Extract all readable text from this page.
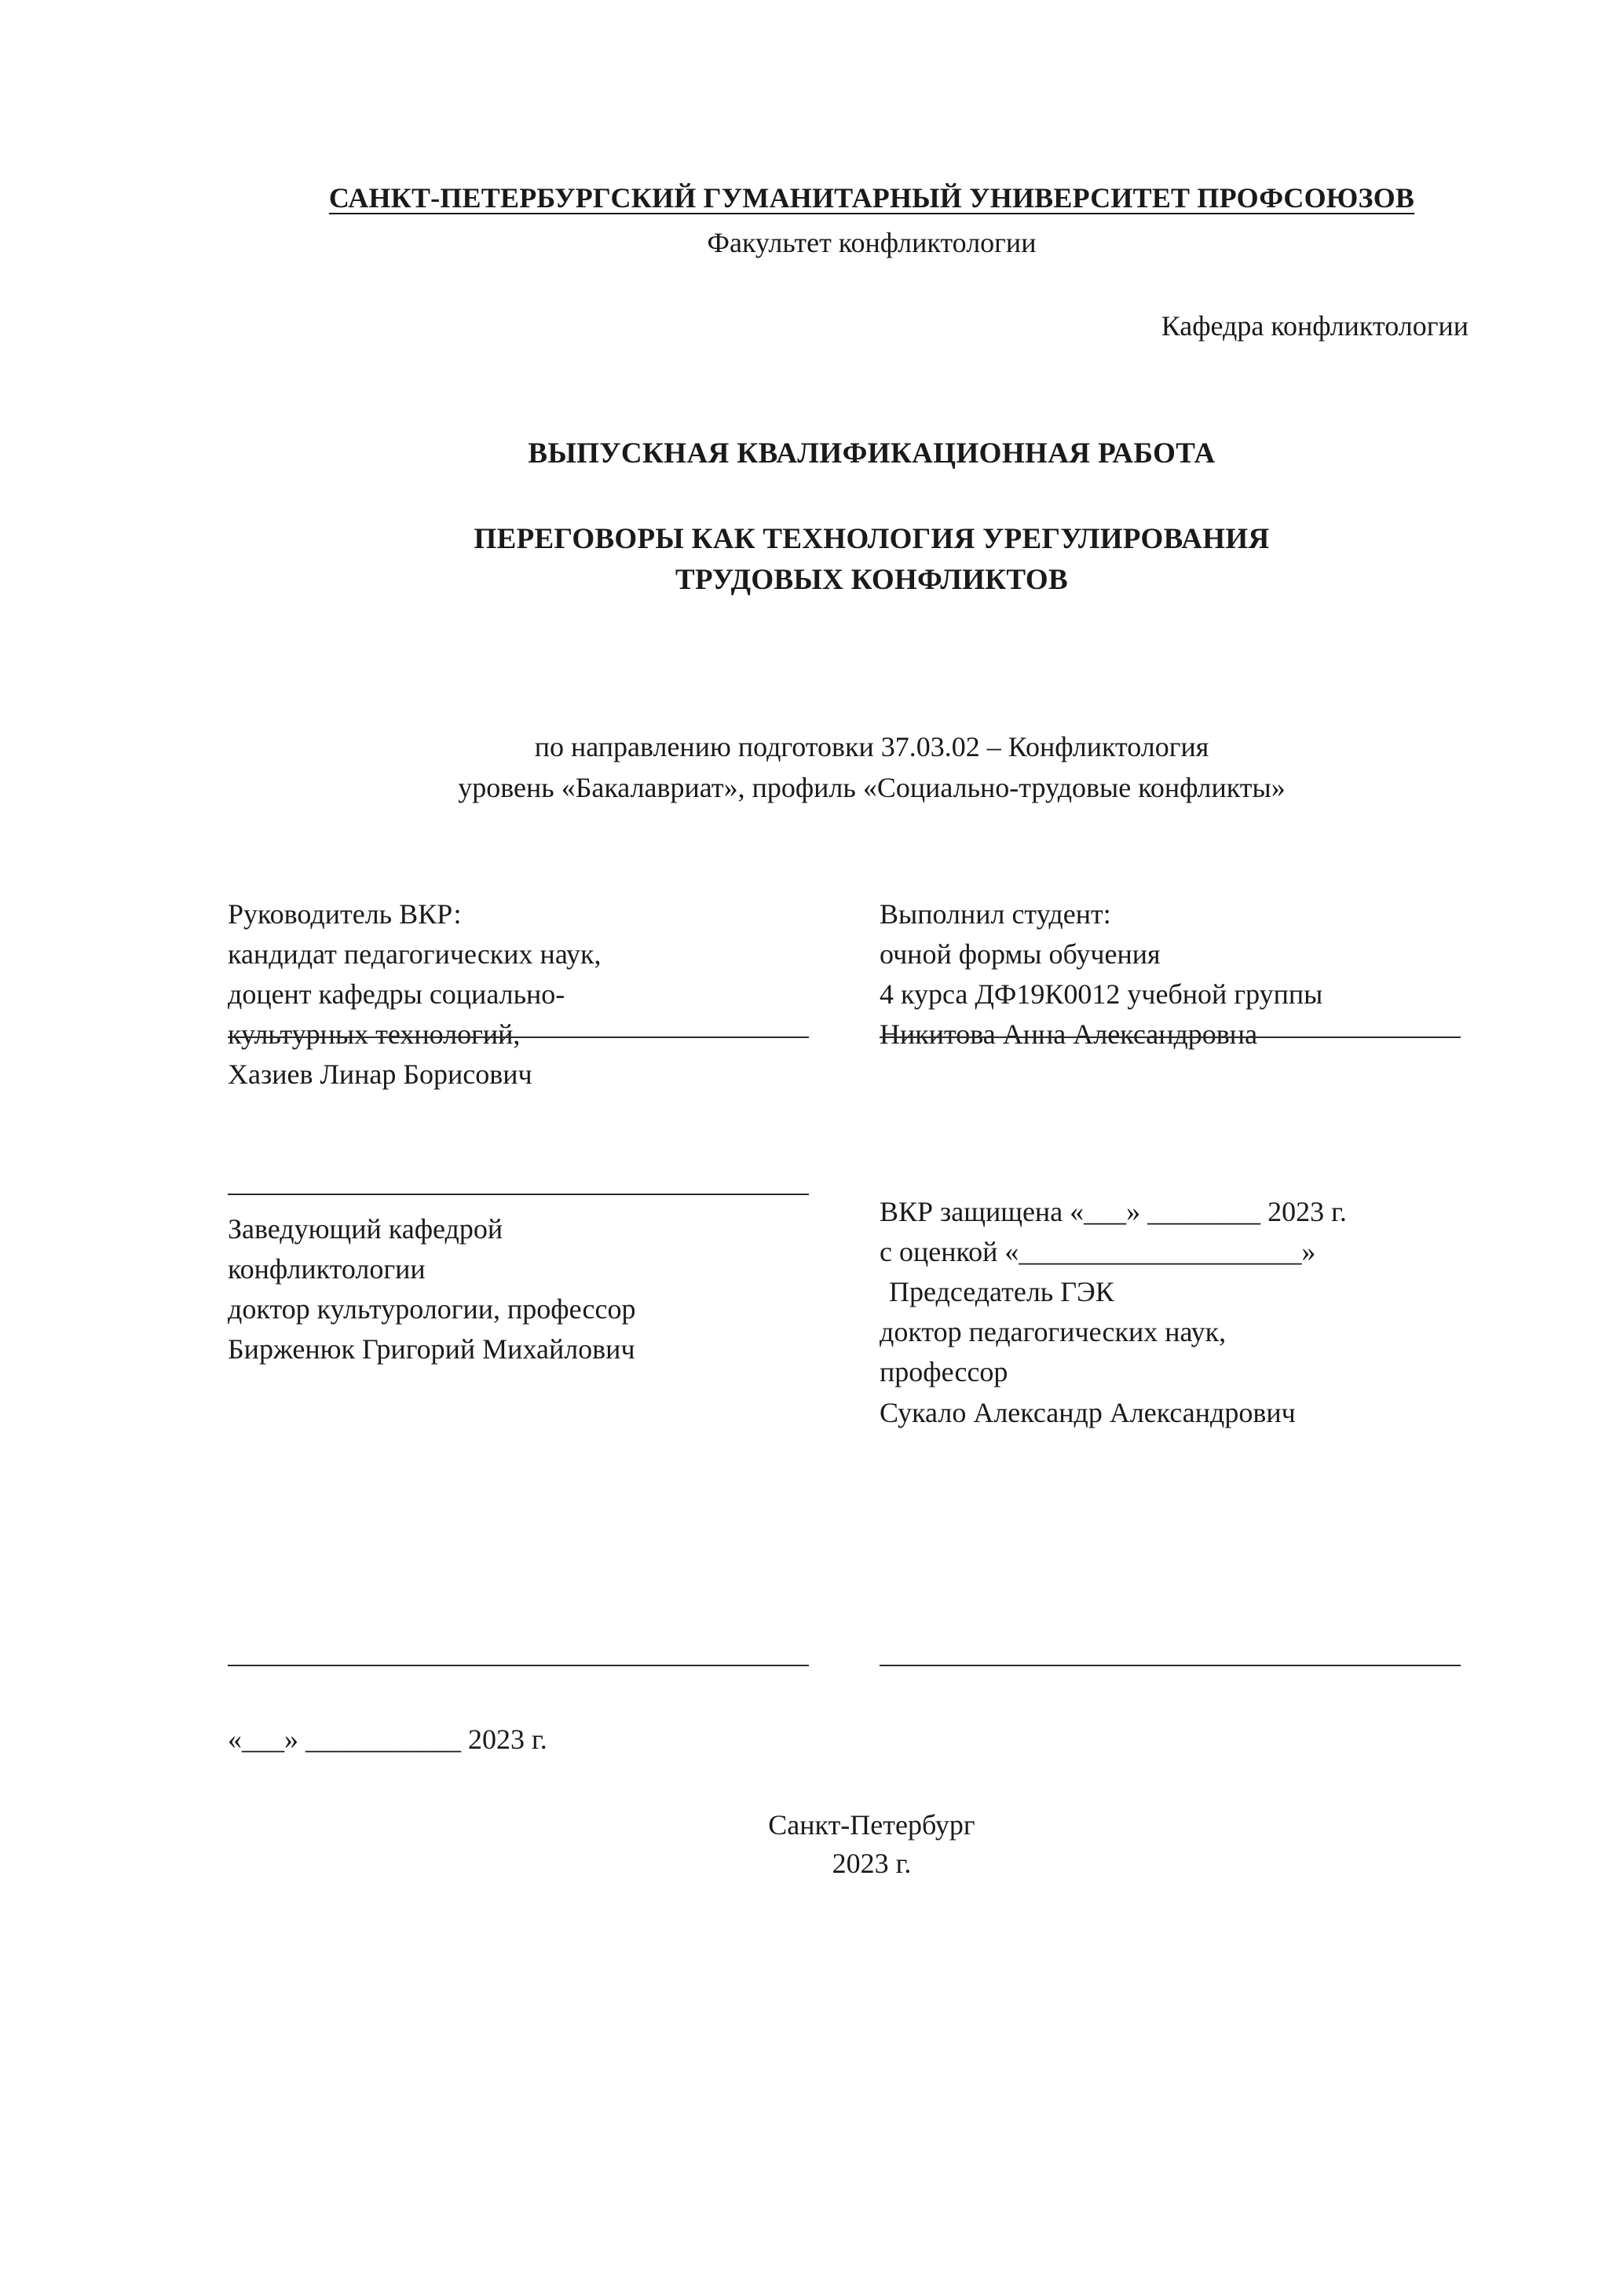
САНКТ-ПЕТЕРБУРГСКИЙ ГУМАНИТАРНЫЙ УНИВЕРСИТЕТ ПРОФСОЮЗОВ
Факультет конфликтологии
Кафедра конфликтологии
ВЫПУСКНАЯ КВАЛИФИКАЦИОННАЯ РАБОТА
ПЕРЕГОВОРЫ КАК ТЕХНОЛОГИЯ УРЕГУЛИРОВАНИЯ
ТРУДОВЫХ КОНФЛИКТОВ
по направлению подготовки 37.03.02 – Конфликтология
уровень «Бакалавриат», профиль «Социально-трудовые конфликты»
Руководитель ВКР:
кандидат педагогических наук,
доцент кафедры социально-
культурных технологий,
Хазиев Линар Борисович
Выполнил студент:
очной формы обучения
4 курса ДФ19К0012 учебной группы
Никитова Анна Александровна
Заведующий кафедрой
конфликтологии
доктор культурологии, профессор
Бирженюк Григорий Михайлович
ВКР защищена «___» ________ 2023 г.
с оценкой «____________________»
Председатель ГЭК
доктор педагогических наук,
профессор
Сукало Александр Александрович
«___» ___________ 2023 г.
Санкт-Петербург
2023 г.
